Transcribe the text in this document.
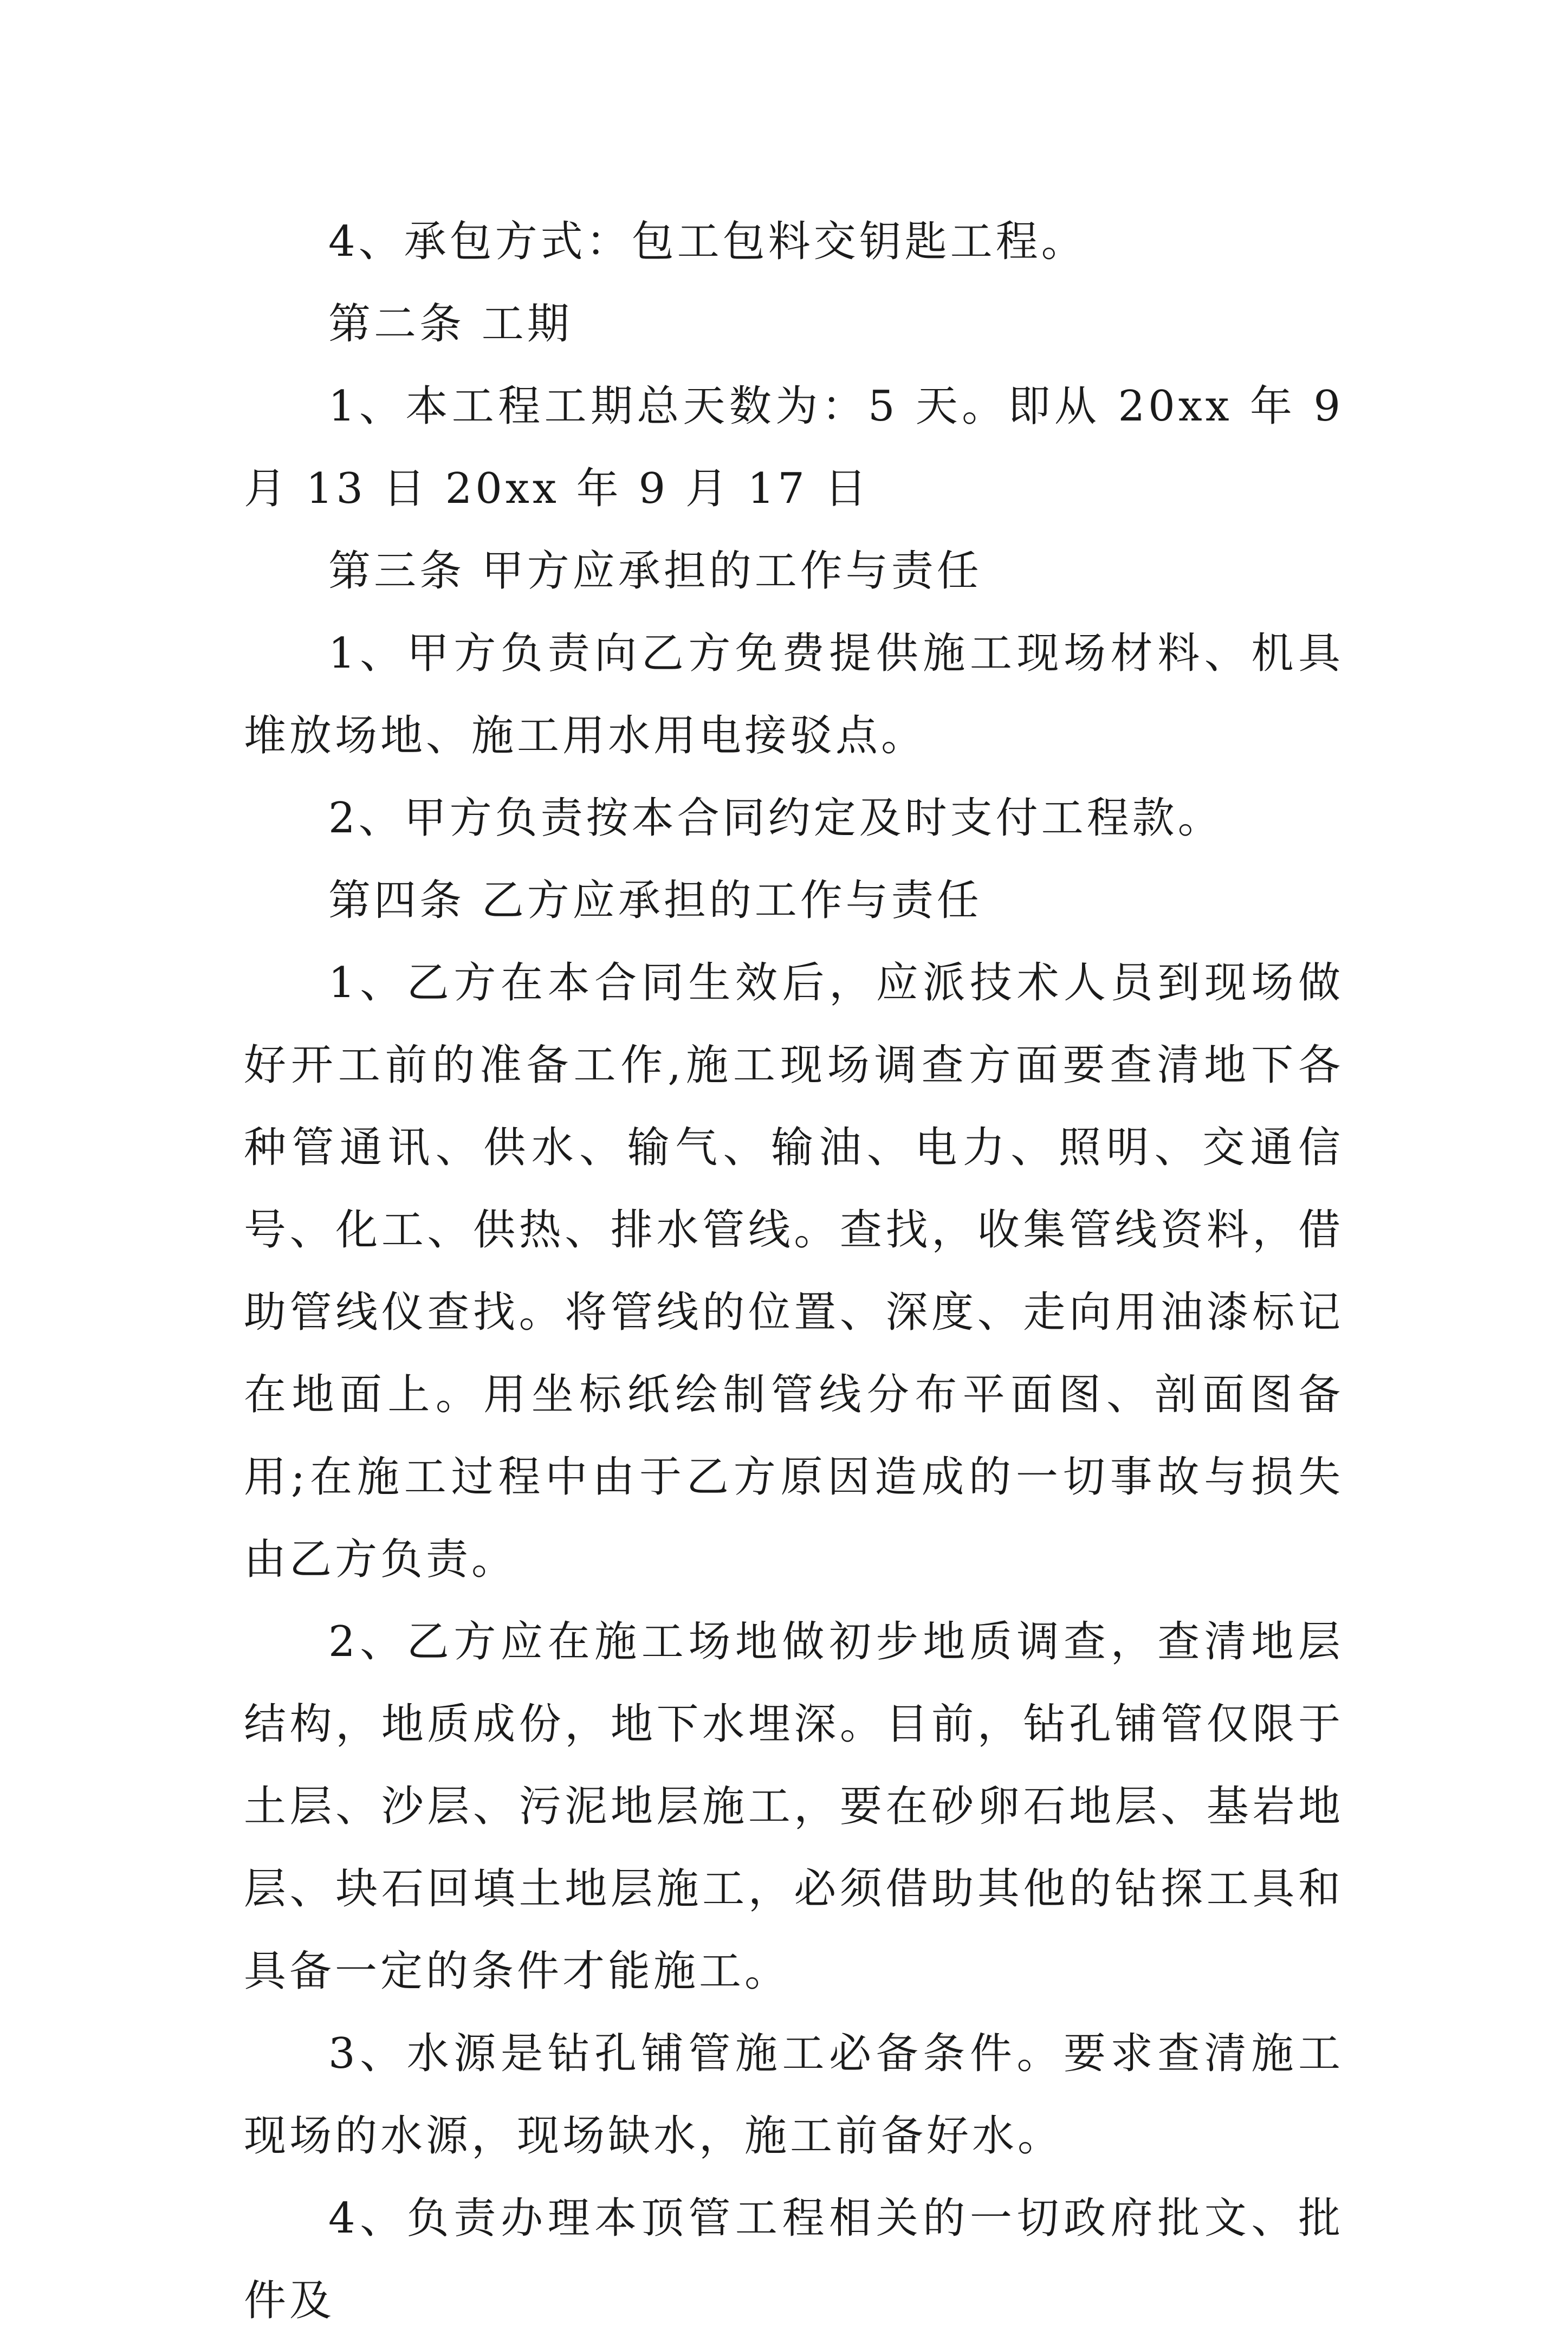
4、承包方式：包工包料交钥匙工程。

第二条 工期

1、本工程工期总天数为：5 天。即从 20xx 年 9 月 13 日 20xx 年 9 月 17 日

第三条 甲方应承担的工作与责任

1、甲方负责向乙方免费提供施工现场材料、机具堆放场地、施工用水用电接驳点。

2、甲方负责按本合同约定及时支付工程款。

第四条 乙方应承担的工作与责任

1、乙方在本合同生效后，应派技术人员到现场做好开工前的准备工作,施工现场调查方面要查清地下各种管通讯、供水、输气、输油、电力、照明、交通信号、化工、供热、排水管线。查找，收集管线资料，借助管线仪查找。将管线的位置、深度、走向用油漆标记在地面上。用坐标纸绘制管线分布平面图、剖面图备用;在施工过程中由于乙方原因造成的一切事故与损失由乙方负责。

2、乙方应在施工场地做初步地质调查，查清地层结构，地质成份，地下水埋深。目前，钻孔铺管仅限于土层、沙层、污泥地层施工，要在砂卵石地层、基岩地层、块石回填土地层施工，必须借助其他的钻探工具和具备一定的条件才能施工。

3、水源是钻孔铺管施工必备条件。要求查清施工现场的水源，现场缺水，施工前备好水。

4、负责办理本顶管工程相关的一切政府批文、批件及
